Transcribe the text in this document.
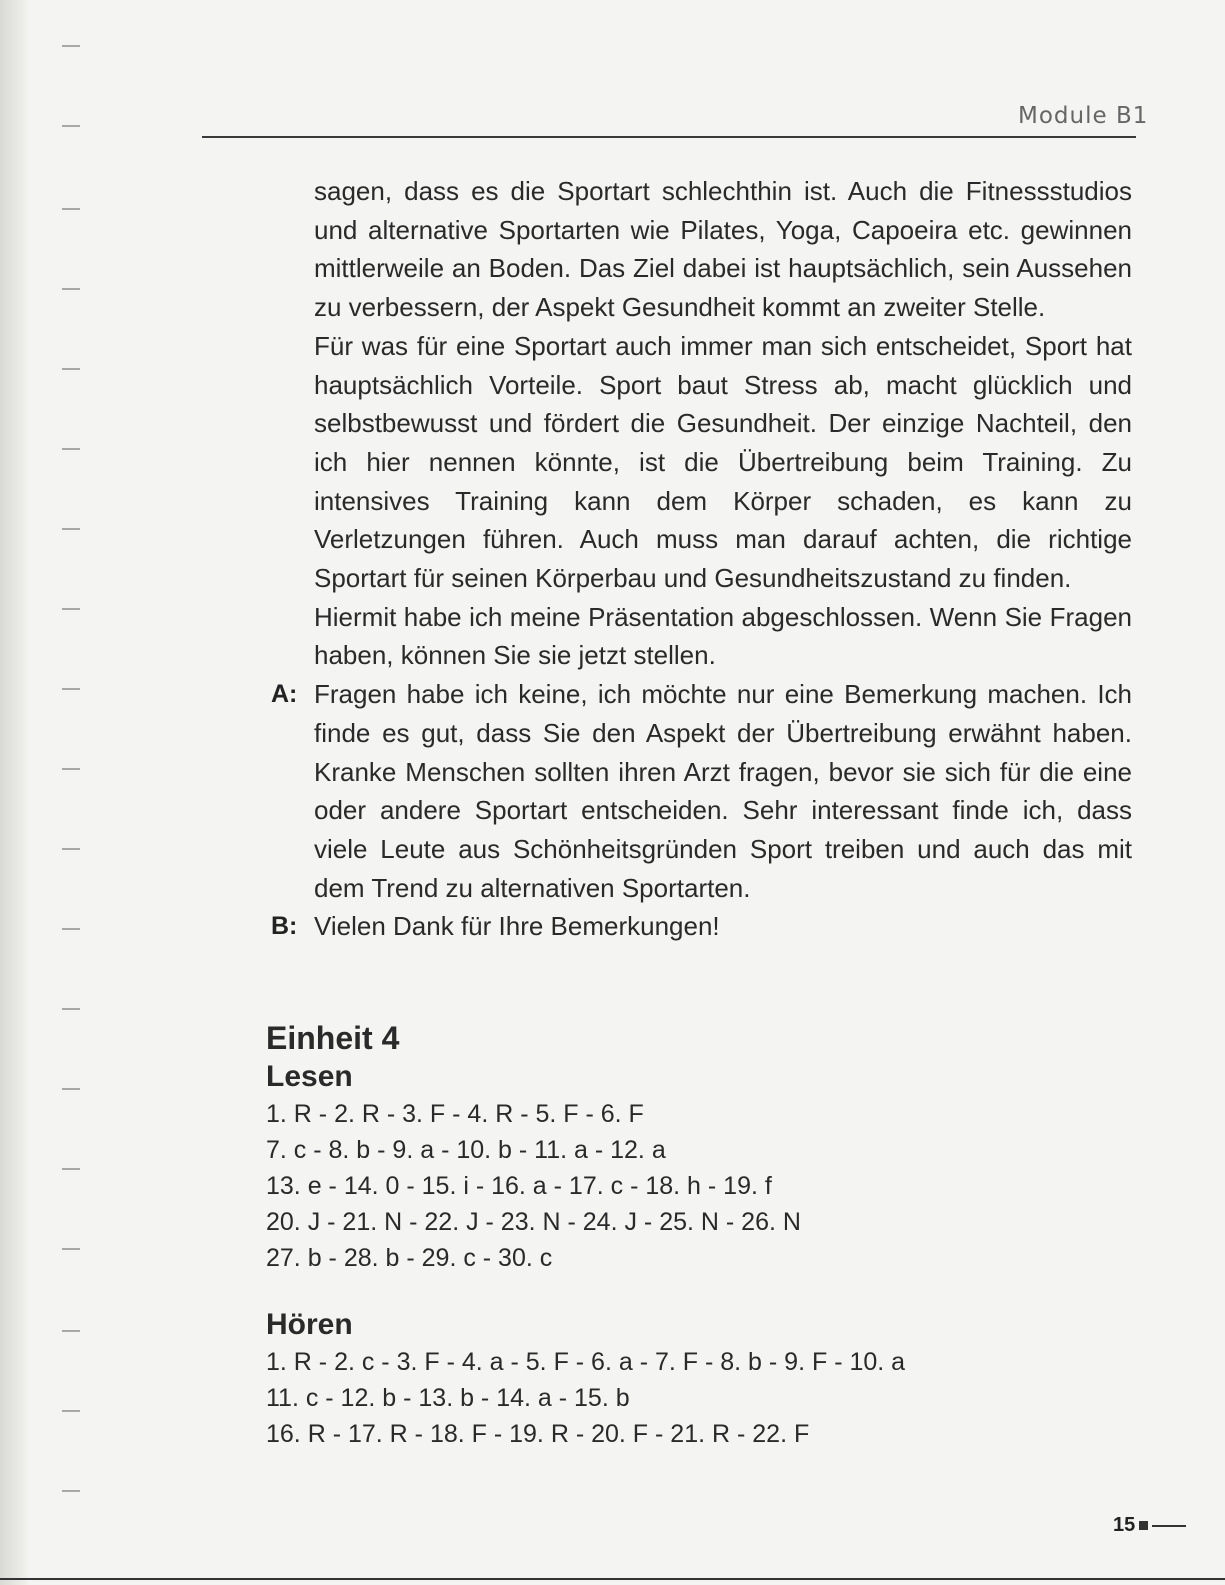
Module B1

sagen, dass es die Sportart schlechthin ist. Auch die Fitnessstudios und alternative Sportarten wie Pilates, Yoga, Capoeira etc. gewinnen mittlerweile an Boden. Das Ziel dabei ist hauptsächlich, sein Aussehen zu verbessern, der Aspekt Gesundheit kommt an zweiter Stelle.

Für was für eine Sportart auch immer man sich entscheidet, Sport hat hauptsächlich Vorteile. Sport baut Stress ab, macht glücklich und selbstbewusst und fördert die Gesundheit. Der einzige Nachteil, den ich hier nennen könnte, ist die Übertreibung beim Training. Zu intensives Training kann dem Körper schaden, es kann zu Verletzungen führen. Auch muss man darauf achten, die richtige Sportart für seinen Körperbau und Gesundheitszustand zu finden.

Hiermit habe ich meine Präsentation abgeschlossen. Wenn Sie Fragen haben, können Sie sie jetzt stellen.

A: Fragen habe ich keine, ich möchte nur eine Bemerkung machen. Ich finde es gut, dass Sie den Aspekt der Übertreibung erwähnt haben. Kranke Menschen sollten ihren Arzt fragen, bevor sie sich für die eine oder andere Sportart entscheiden. Sehr interessant finde ich, dass viele Leute aus Schönheitsgründen Sport treiben und auch das mit dem Trend zu alternativen Sportarten.

B: Vielen Dank für Ihre Bemerkungen!

Einheit 4
Lesen
1. R - 2. R - 3. F - 4. R - 5. F - 6. F
7. c - 8. b - 9. a - 10. b - 11. a - 12. a
13. e - 14. 0 - 15. i - 16. a - 17. c - 18. h - 19. f
20. J - 21. N - 22. J - 23. N - 24. J - 25. N - 26. N
27. b - 28. b - 29. c - 30. c
Hören
1. R - 2. c - 3. F - 4. a - 5. F - 6. a - 7. F - 8. b - 9. F - 10. a
11. c - 12. b - 13. b - 14. a - 15. b
16. R - 17. R - 18. F - 19. R - 20. F - 21. R - 22. F
15
